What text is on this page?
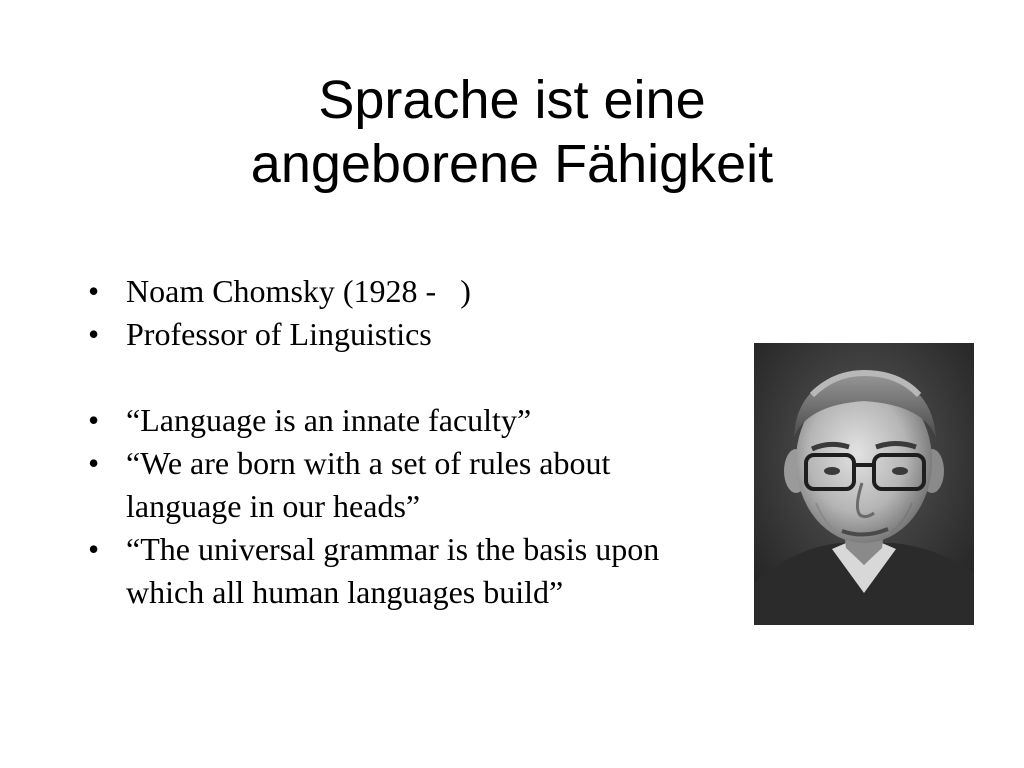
Sprache ist eine
angeborene Fähigkeit
• Noam Chomsky (1928 -   )
• Professor of Linguistics
• “Language is an innate faculty”
• “We are born with a set of rules about language in our heads”
• “The universal grammar is the basis upon which all human languages build”
